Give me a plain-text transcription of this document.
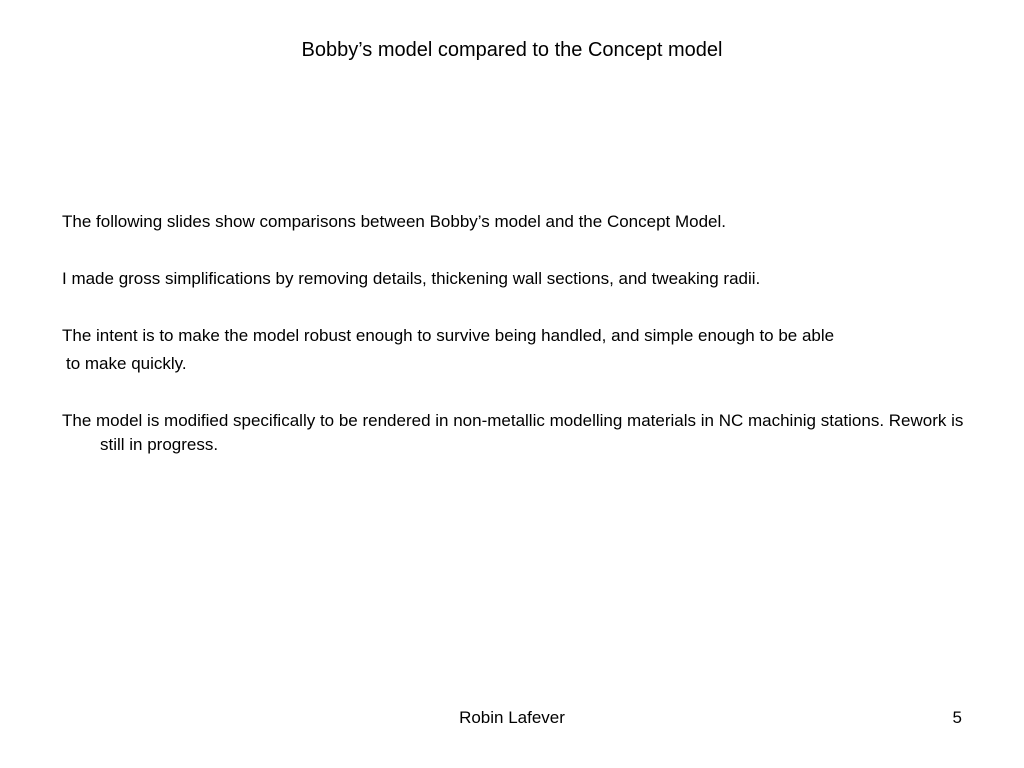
Bobby’s model compared to the Concept model

The following slides show comparisons between Bobby’s model and the Concept Model.

I made gross simplifications by removing details, thickening wall sections, and tweaking radii.

The intent is to make the model robust enough to survive being handled, and simple enough to be able

to make quickly.

The model is modified specifically to be rendered in non-metallic modelling materials in NC machinig stations. Rework is still in progress.

Robin Lafever	5
